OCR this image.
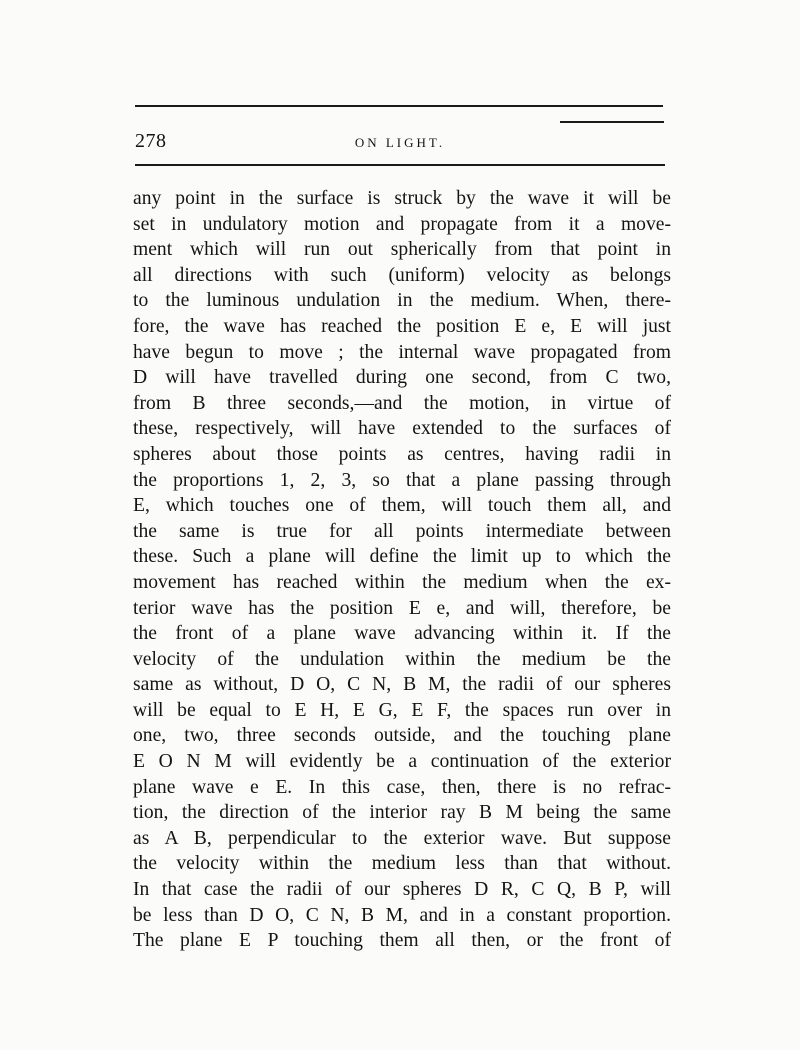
278	ON LIGHT.
any point in the surface is struck by the wave it will be
set in undulatory motion and propagate from it a move-
ment which will run out spherically from that point in
all directions with such (uniform) velocity as belongs
to the luminous undulation in the medium. When, there-
fore, the wave has reached the position E e, E will just
have begun to move ; the internal wave propagated from
D will have travelled during one second, from C two,
from B three seconds,—and the motion, in virtue of
these, respectively, will have extended to the surfaces of
spheres about those points as centres, having radii in
the proportions 1, 2, 3, so that a plane passing through
E, which touches one of them, will touch them all, and
the same is true for all points intermediate between
these. Such a plane will define the limit up to which the
movement has reached within the medium when the ex-
terior wave has the position E e, and will, therefore, be
the front of a plane wave advancing within it. If the
velocity of the undulation within the medium be the
same as without, D O, C N, B M, the radii of our spheres
will be equal to E H, E G, E F, the spaces run over in
one, two, three seconds outside, and the touching plane
E O N M will evidently be a continuation of the exterior
plane wave e E. In this case, then, there is no refrac-
tion, the direction of the interior ray B M being the same
as A B, perpendicular to the exterior wave. But suppose
the velocity within the medium less than that without.
In that case the radii of our spheres D R, C Q, B P, will
be less than D O, C N, B M, and in a constant proportion.
The plane E P touching them all then, or the front of
